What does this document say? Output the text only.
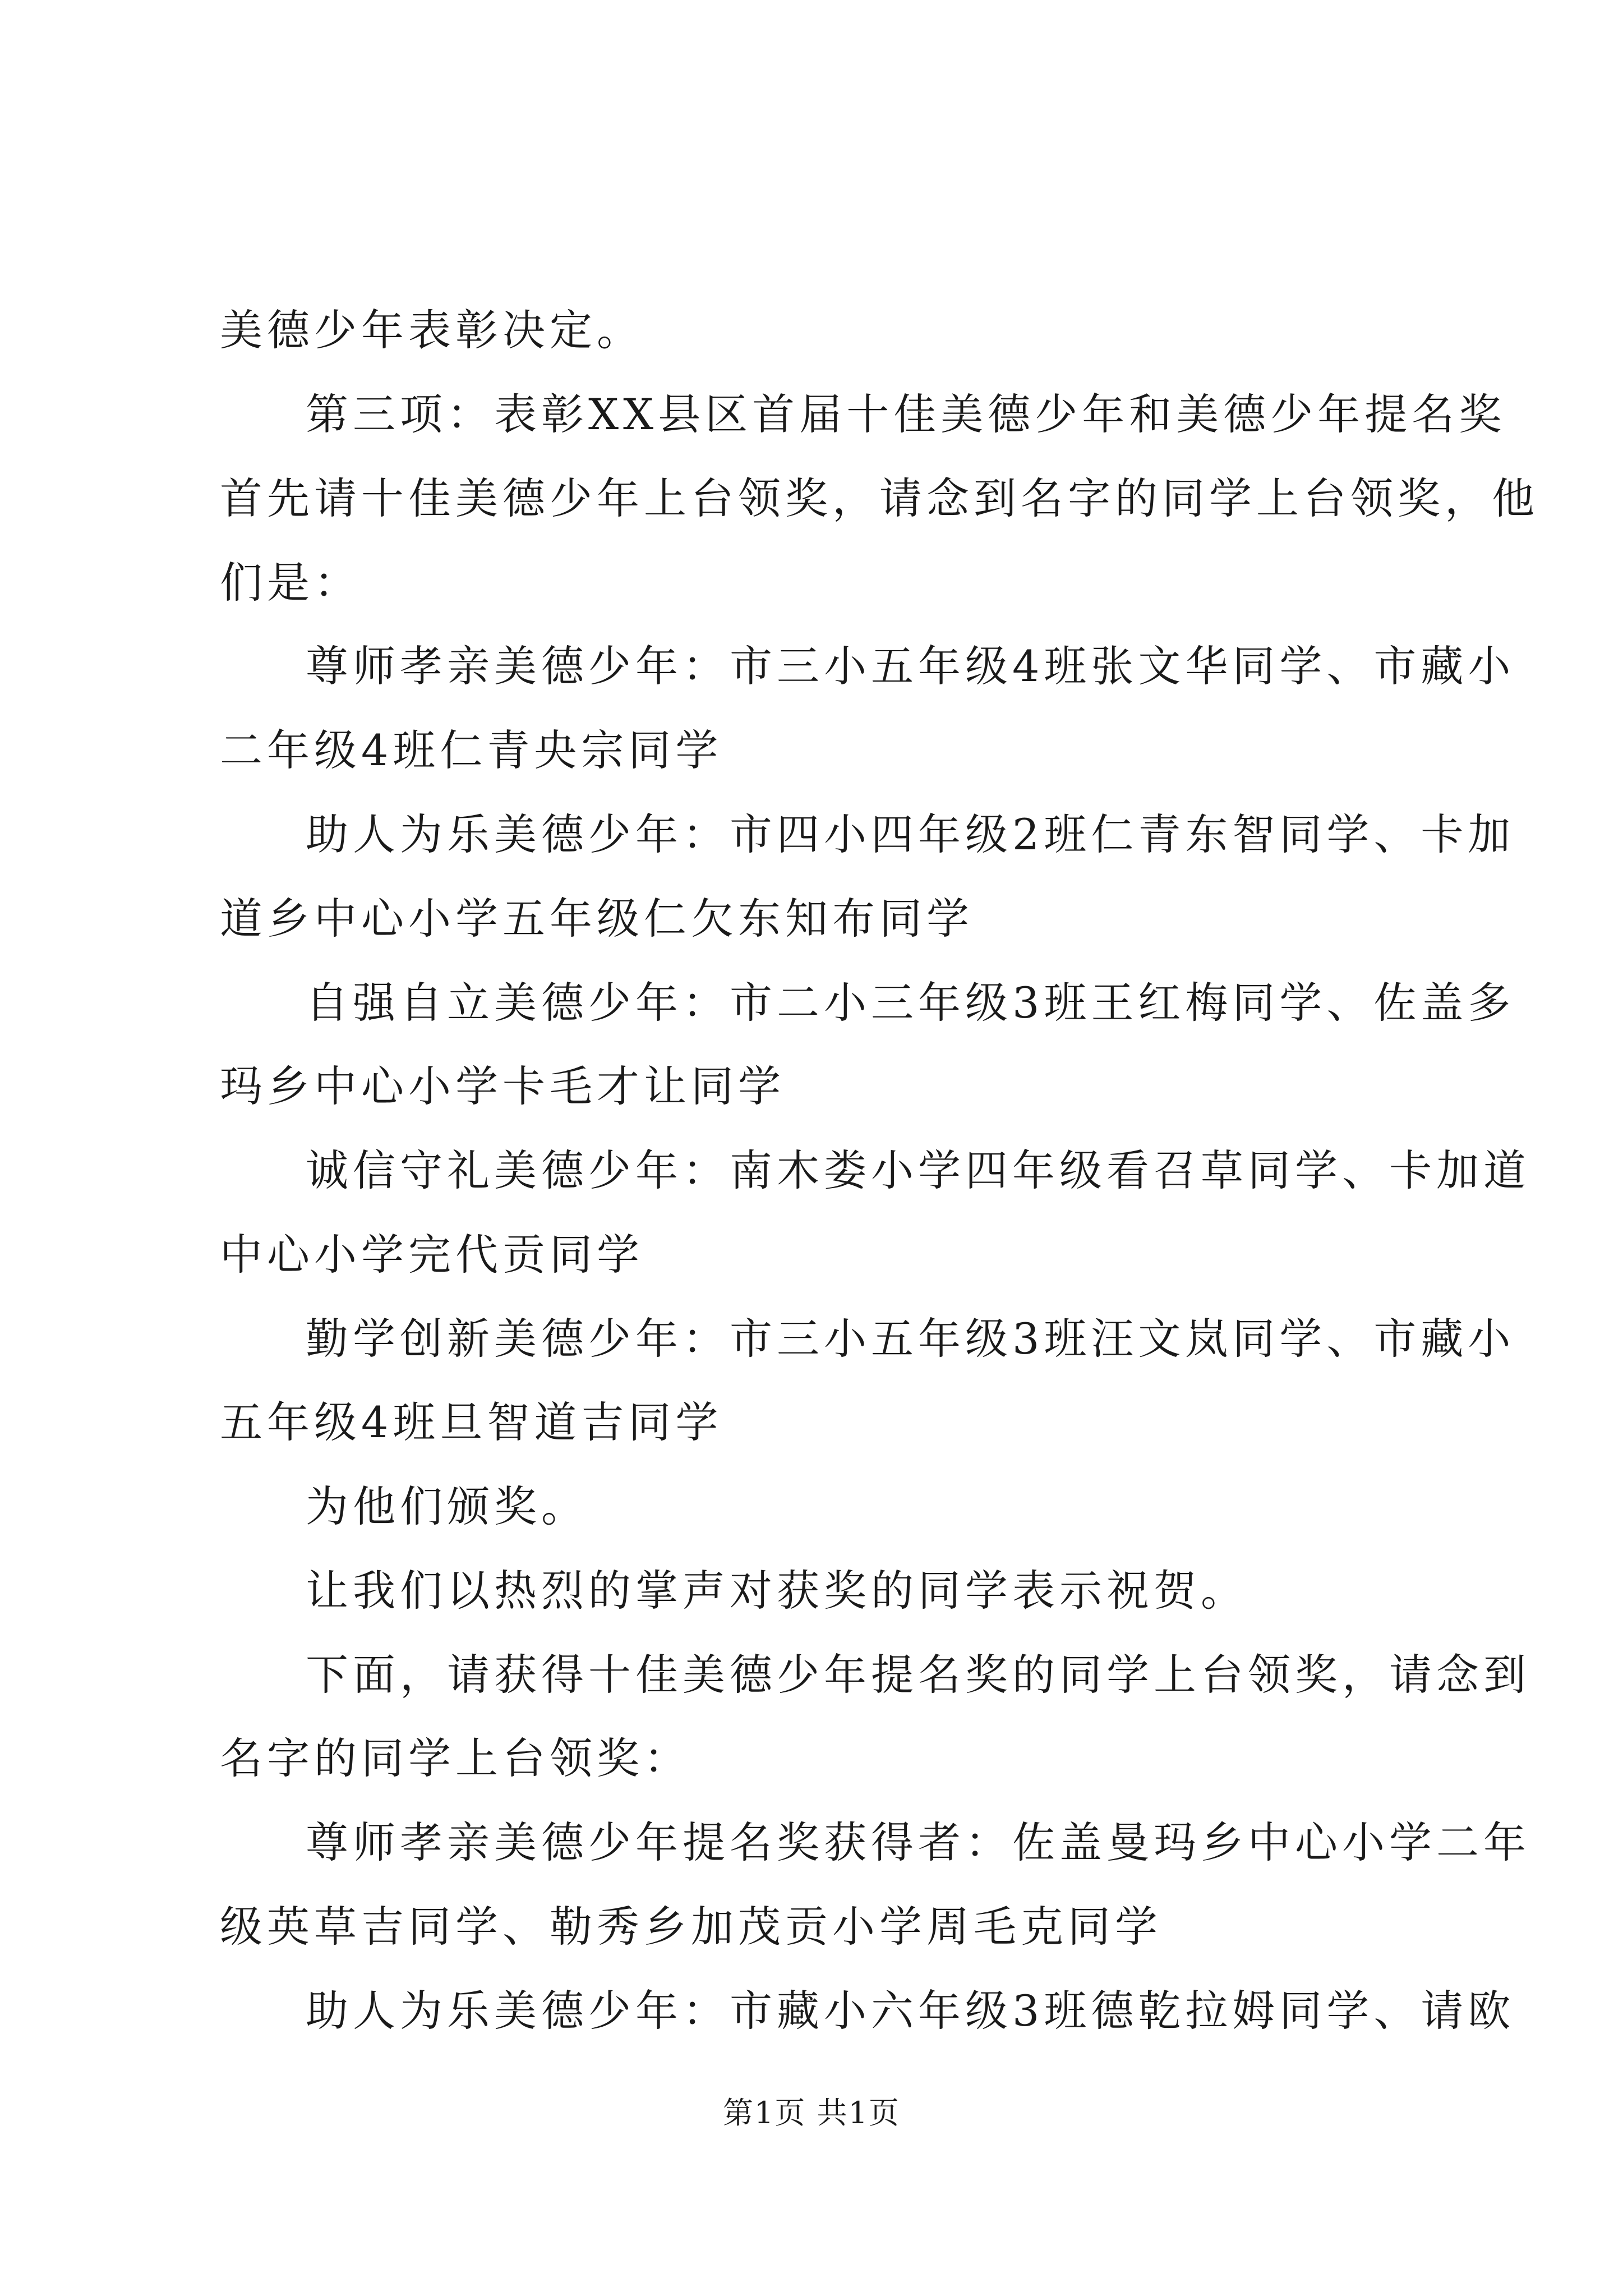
美德少年表彰决定。
第三项：表彰XX县区首届十佳美德少年和美德少年提名奖
首先请十佳美德少年上台领奖，请念到名字的同学上台领奖，他
们是：
尊师孝亲美德少年：市三小五年级4班张文华同学、市藏小
二年级4班仁青央宗同学
助人为乐美德少年：市四小四年级2班仁青东智同学、卡加
道乡中心小学五年级仁欠东知布同学
自强自立美德少年：市二小三年级3班王红梅同学、佐盖多
玛乡中心小学卡毛才让同学
诚信守礼美德少年：南木娄小学四年级看召草同学、卡加道
中心小学完代贡同学
勤学创新美德少年：市三小五年级3班汪文岚同学、市藏小
五年级4班旦智道吉同学
为他们颁奖。
让我们以热烈的掌声对获奖的同学表示祝贺。
下面，请获得十佳美德少年提名奖的同学上台领奖，请念到
名字的同学上台领奖：
尊师孝亲美德少年提名奖获得者：佐盖曼玛乡中心小学二年
级英草吉同学、勒秀乡加茂贡小学周毛克同学
助人为乐美德少年：市藏小六年级3班德乾拉姆同学、请欧
第1页 共1页
